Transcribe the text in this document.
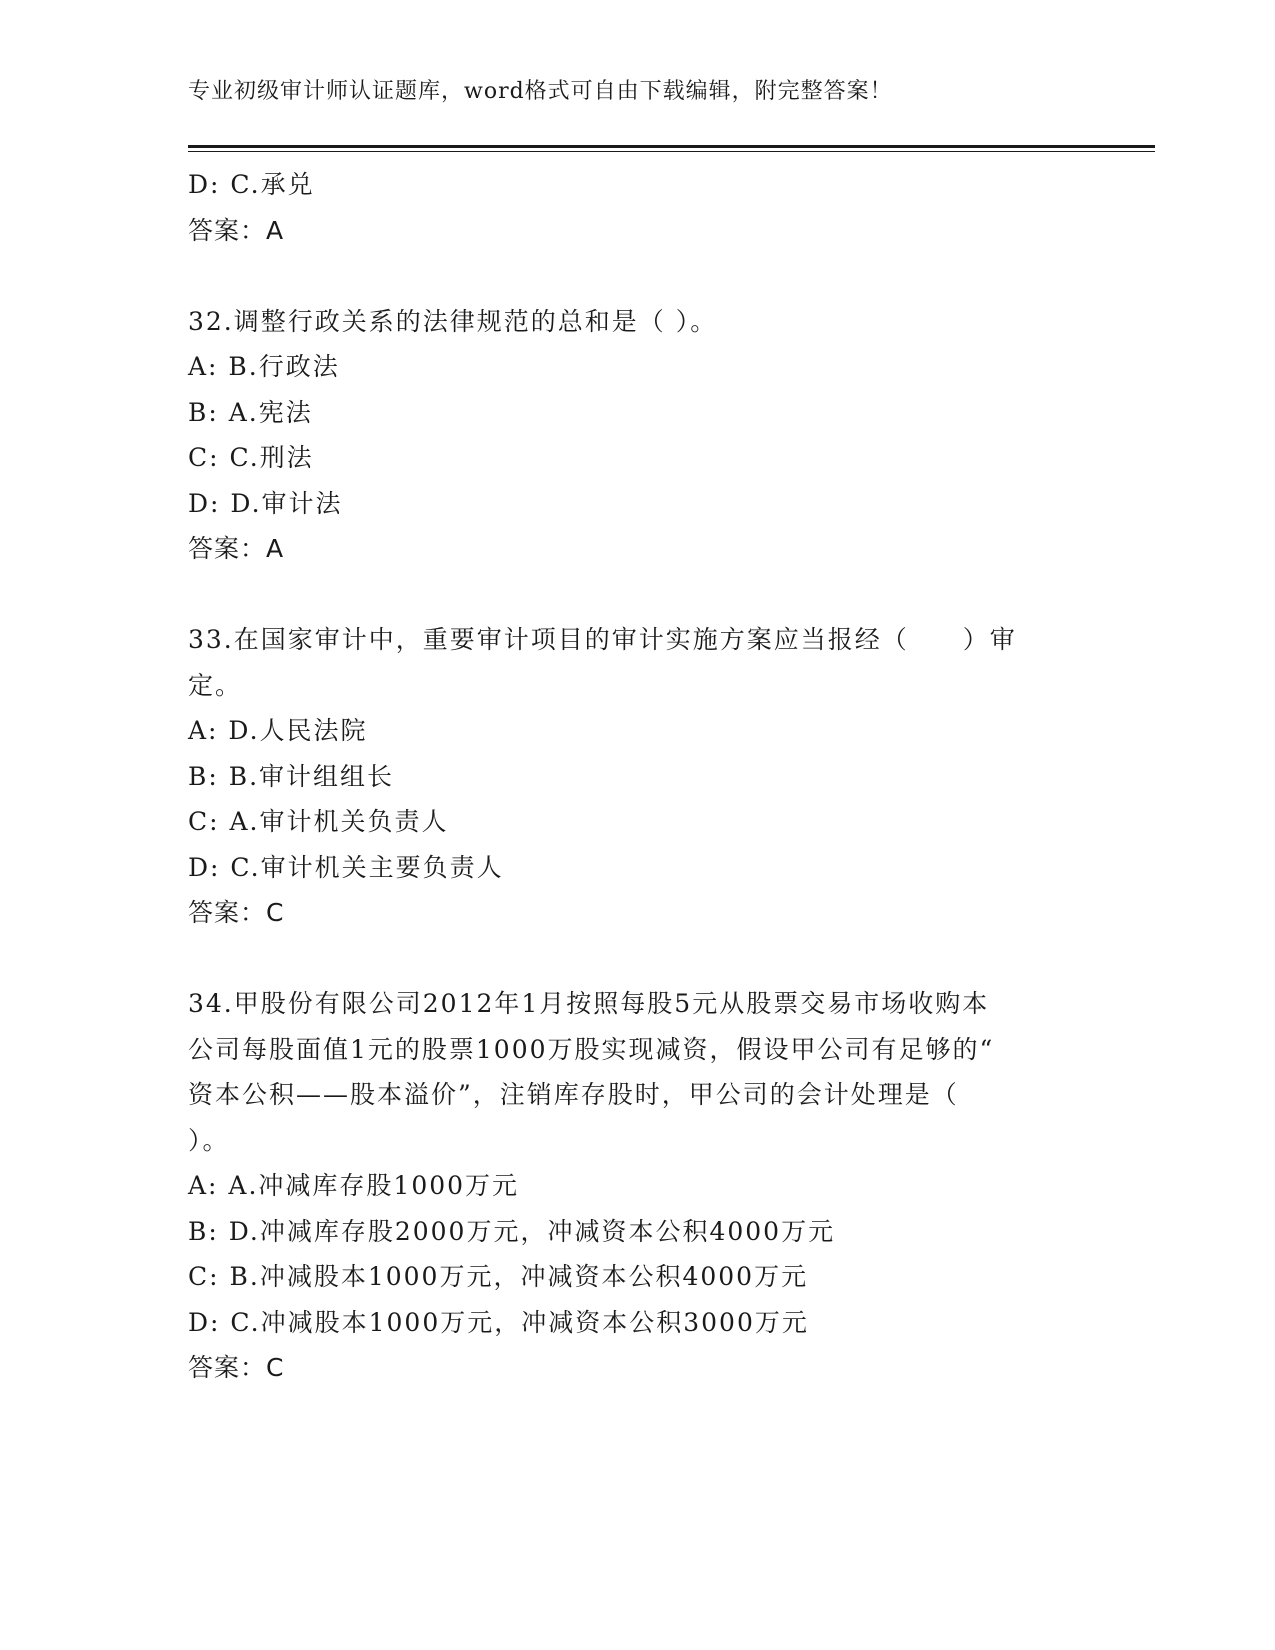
专业初级审计师认证题库，word格式可自由下载编辑，附完整答案！
D: C.承兑
答案：A
32.调整行政关系的法律规范的总和是（ ）。
A: B.行政法
B: A.宪法
C: C.刑法
D: D.审计法
答案：A
33.在国家审计中，重要审计项目的审计实施方案应当报经（　　）审
定。
A: D.人民法院
B: B.审计组组长
C: A.审计机关负责人
D: C.审计机关主要负责人
答案：C
34.甲股份有限公司2012年1月按照每股5元从股票交易市场收购本
公司每股面值1元的股票1000万股实现减资，假设甲公司有足够的“
资本公积——股本溢价”，注销库存股时，甲公司的会计处理是（
）。
A: A.冲减库存股1000万元
B: D.冲减库存股2000万元，冲减资本公积4000万元
C: B.冲减股本1000万元，冲减资本公积4000万元
D: C.冲减股本1000万元，冲减资本公积3000万元
答案：C
